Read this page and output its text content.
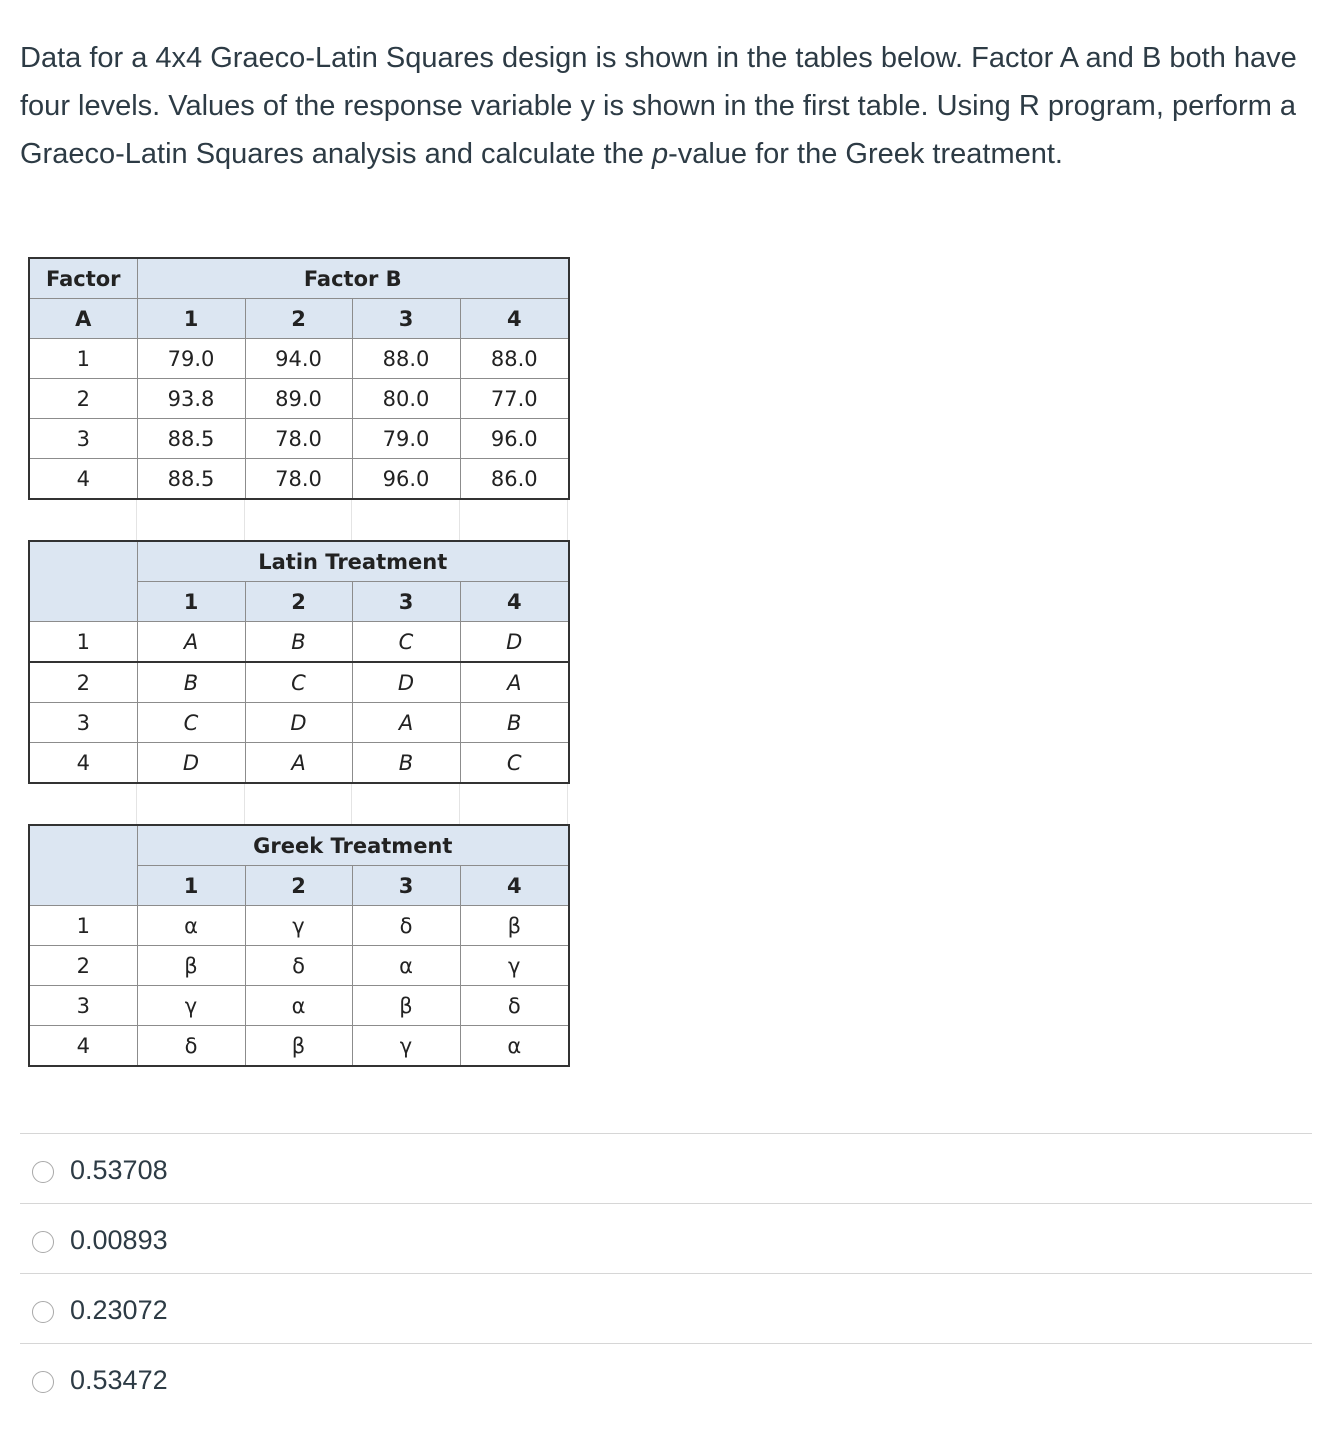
Data for a 4x4 Graeco-Latin Squares design is shown in the tables below. Factor A and B both have four levels. Values of the response variable y is shown in the first table. Using R program, perform a Graeco-Latin Squares analysis and calculate the p-value for the Greek treatment.
Factor	Factor B			
A	1	2	3	4
1	79.0	94.0	88.0	88.0
2	93.8	89.0	80.0	77.0
3	88.5	78.0	79.0	96.0
4	88.5	78.0	96.0	86.0
	Latin Treatment			
	1	2	3	4
1	A	B	C	D
2	B	C	D	A
3	C	D	A	B
4	D	A	B	C
	Greek Treatment			
	1	2	3	4
1	α	γ	δ	β
2	β	δ	α	γ
3	γ	α	β	δ
4	δ	β	γ	α
0.53708
0.00893
0.23072
0.53472
